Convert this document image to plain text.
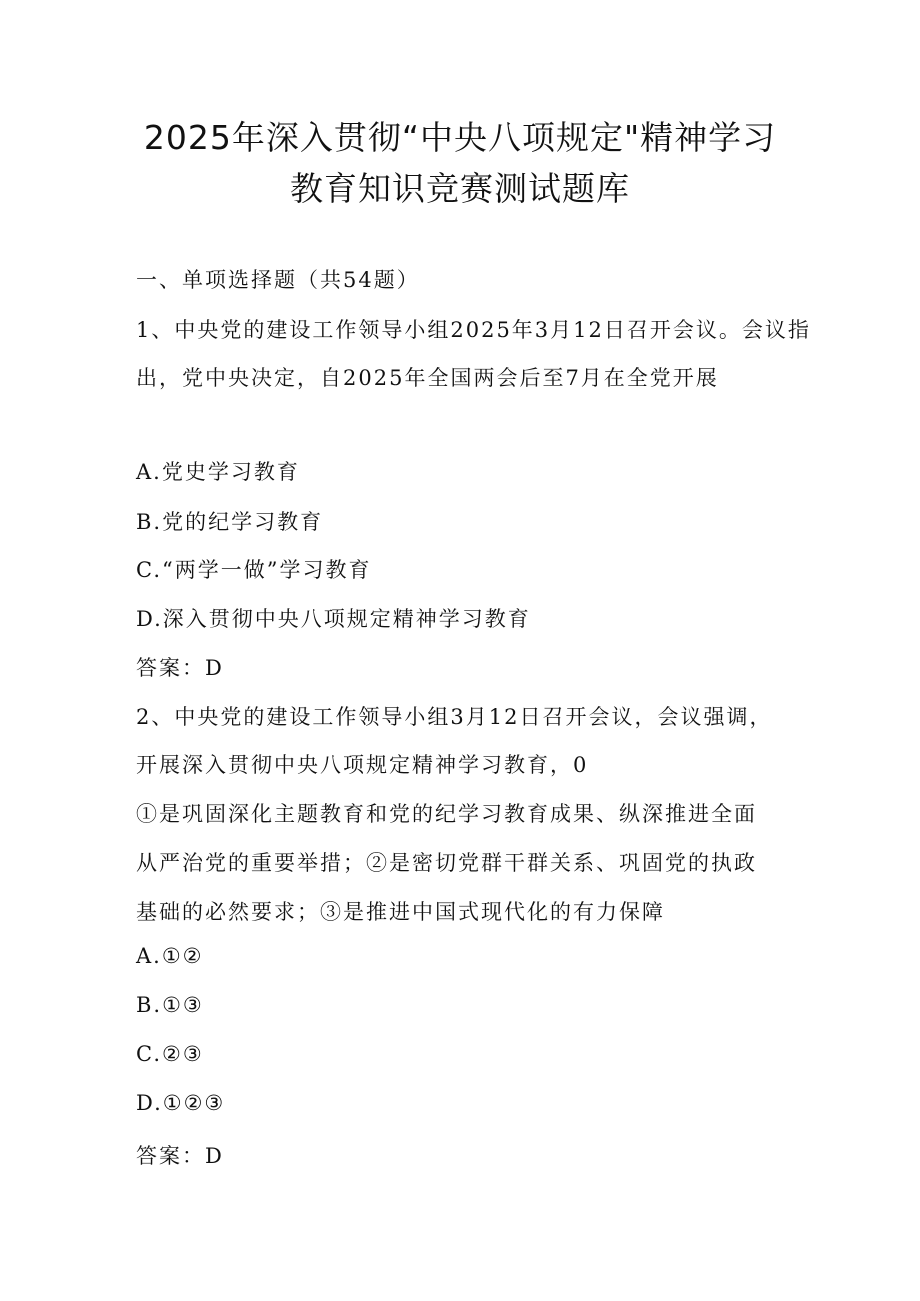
2025年深入贯彻“中央八项规定"精神学习
教育知识竞赛测试题库
一、单项选择题（共54题）
1、中央党的建设工作领导小组2025年3月12日召开会议。会议指
出，党中央决定，自2025年全国两会后至7月在全党开展
A.党史学习教育
B.党的纪学习教育
C.“两学一做”学习教育
D.深入贯彻中央八项规定精神学习教育
答案：D
2、中央党的建设工作领导小组3月12日召开会议，会议强调，
开展深入贯彻中央八项规定精神学习教育，0
①是巩固深化主题教育和党的纪学习教育成果、纵深推进全面
从严治党的重要举措；②是密切党群干群关系、巩固党的执政
基础的必然要求；③是推进中国式现代化的有力保障
A.①②
B.①③
C.②③
D.①②③
答案：D
